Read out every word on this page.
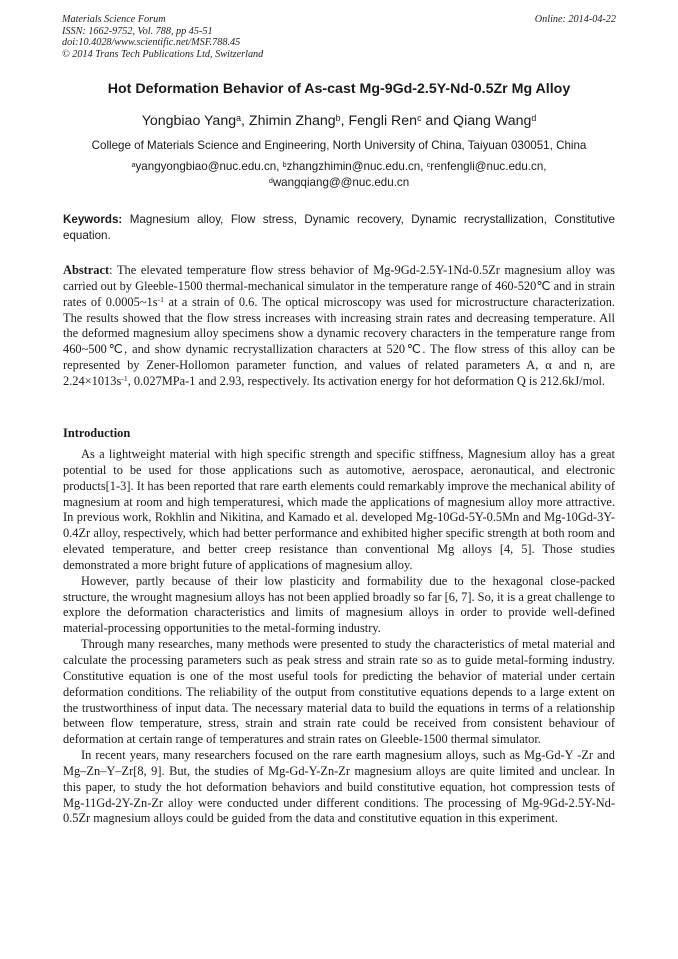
Materials Science Forum
ISSN: 1662-9752, Vol. 788, pp 45-51
doi:10.4028/www.scientific.net/MSF.788.45
© 2014 Trans Tech Publications Ltd, Switzerland
Online: 2014-04-22
Hot Deformation Behavior of As-cast Mg-9Gd-2.5Y-Nd-0.5Zr Mg Alloy
Yongbiao Yang$^a$, Zhimin Zhang$^b$, Fengli Ren$^c$ and Qiang Wang$^d$
College of Materials Science and Engineering, North University of China, Taiyuan 030051, China
$^a$yangyongbiao@nuc.edu.cn, $^b$zhangzhimin@nuc.edu.cn, $^c$renfengli@nuc.edu.cn,
$^d$wangqiang@@nuc.edu.cn
Keywords: Magnesium alloy, Flow stress, Dynamic recovery, Dynamic recrystallization, Constitutive equation.
Abstract: The elevated temperature flow stress behavior of Mg-9Gd-2.5Y-1Nd-0.5Zr magnesium alloy was carried out by Gleeble-1500 thermal-mechanical simulator in the temperature range of 460-520℃ and in strain rates of $0.0005\sim 1s^{-1}$ at a strain of 0.6. The optical microscopy was used for microstructure characterization. The results showed that the flow stress increases with increasing strain rates and decreasing temperature. All the deformed magnesium alloy specimens show a dynamic recovery characters in the temperature range from 460~500℃, and show dynamic recrystallization characters at 520℃. The flow stress of this alloy can be represented by Zener-Hollomon parameter function, and values of related parameters A, α and n, are $2.24\times 1013s^{-1}$, 0.027MPa-1 and 2.93, respectively. Its activation energy for hot deformation Q is 212.6kJ/mol.
Introduction

As a lightweight material with high specific strength and specific stiffness, Magnesium alloy has a great potential to be used for those applications such as automotive, aerospace, aeronautical, and electronic products[1-3]. It has been reported that rare earth elements could remarkably improve the mechanical ability of magnesium at room and high temperaturesi, which made the applications of magnesium alloy more attractive. In previous work, Rokhlin and Nikitina, and Kamado et al. developed Mg-10Gd-5Y-0.5Mn and Mg-10Gd-3Y-0.4Zr alloy, respectively, which had better performance and exhibited higher specific strength at both room and elevated temperature, and better creep resistance than conventional Mg alloys [4, 5]. Those studies demonstrated a more bright future of applications of magnesium alloy.

However, partly because of their low plasticity and formability due to the hexagonal close-packed structure, the wrought magnesium alloys has not been applied broadly so far [6, 7]. So, it is a great challenge to explore the deformation characteristics and limits of magnesium alloys in order to provide well-defined material-processing opportunities to the metal-forming industry.

Through many researches, many methods were presented to study the characteristics of metal material and calculate the processing parameters such as peak stress and strain rate so as to guide metal-forming industry. Constitutive equation is one of the most useful tools for predicting the behavior of material under certain deformation conditions. The reliability of the output from constitutive equations depends to a large extent on the trustworthiness of input data. The necessary material data to build the equations in terms of a relationship between flow temperature, stress, strain and strain rate could be received from consistent behaviour of deformation at certain range of temperatures and strain rates on Gleeble-1500 thermal simulator.

In recent years, many researchers focused on the rare earth magnesium alloys, such as Mg-Gd-Y -Zr and Mg–Zn–Y–Zr[8, 9]. But, the studies of Mg-Gd-Y-Zn-Zr magnesium alloys are quite limited and unclear. In this paper, to study the hot deformation behaviors and build constitutive equation, hot compression tests of Mg-11Gd-2Y-Zn-Zr alloy were conducted under different conditions. The processing of Mg-9Gd-2.5Y-Nd-0.5Zr magnesium alloys could be guided from the data and constitutive equation in this experiment.
